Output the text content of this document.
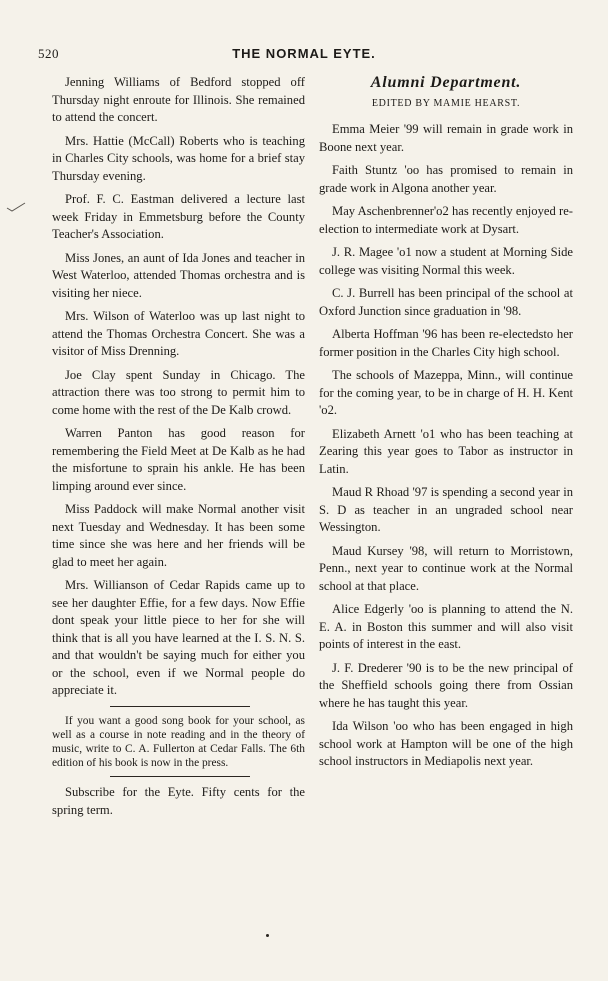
520	THE NORMAL EYTE.

Jenning Williams of Bedford stopped off Thursday night enroute for Illinois. She remained to attend the concert.

Mrs. Hattie (McCall) Roberts who is teaching in Charles City schools, was home for a brief stay Thursday evening.

Prof. F. C. Eastman delivered a lecture last week Friday in Emmetsburg before the County Teacher's Association.

Miss Jones, an aunt of Ida Jones and teacher in West Waterloo, attended Thomas orchestra and is visiting her niece.

Mrs. Wilson of Waterloo was up last night to attend the Thomas Orchestra Concert. She was a visitor of Miss Drenning.

Joe Clay spent Sunday in Chicago. The attraction there was too strong to permit him to come home with the rest of the De Kalb crowd.

Warren Panton has good reason for remembering the Field Meet at De Kalb as he had the misfortune to sprain his ankle. He has been limping around ever since.

Miss Paddock will make Normal another visit next Tuesday and Wednesday. It has been some time since she was here and her friends will be glad to meet her again.

Mrs. Willianson of Cedar Rapids came up to see her daughter Effie, for a few days. Now Effie dont speak your little piece to her for she will think that is all you have learned at the I. S. N. S. and that wouldn't be saying much for either you or the school, even if we Normal people do appreciate it.

If you want a good song book for your school, as well as a course in note reading and in the theory of music, write to C. A. Fullerton at Cedar Falls. The 6th edition of his book is now in the press.

Subscribe for the Eyte. Fifty cents for the spring term.

Alumni Department.
EDITED BY MAMIE HEARST.

Emma Meier '99 will remain in grade work in Boone next year.

Faith Stuntz 'oo has promised to remain in grade work in Algona another year.

May Aschenbrenner'o2 has recently enjoyed re-election to intermediate work at Dysart.

J. R. Magee 'o1 now a student at Morning Side college was visiting Normal this week.

C. J. Burrell has been principal of the school at Oxford Junction since graduation in '98.

Alberta Hoffman '96 has been re-electedsto her former position in the Charles City high school.

The schools of Mazeppa, Minn., will continue for the coming year, to be in charge of H. H. Kent 'o2.

Elizabeth Arnett 'o1 who has been teaching at Zearing this year goes to Tabor as instructor in Latin.

Maud R Rhoad '97 is spending a second year in S. D as teacher in an ungraded school near Wessington.

Maud Kursey '98, will return to Morristown, Penn., next year to continue work at the Normal school at that place.

Alice Edgerly 'oo is planning to attend the N. E. A. in Boston this summer and will also visit points of interest in the east.

J. F. Drederer '90 is to be the new principal of the Sheffield schools going there from Ossian where he has taught this year.

Ida Wilson 'oo who has been engaged in high school work at Hampton will be one of the high school instructors in Mediapolis next year.
